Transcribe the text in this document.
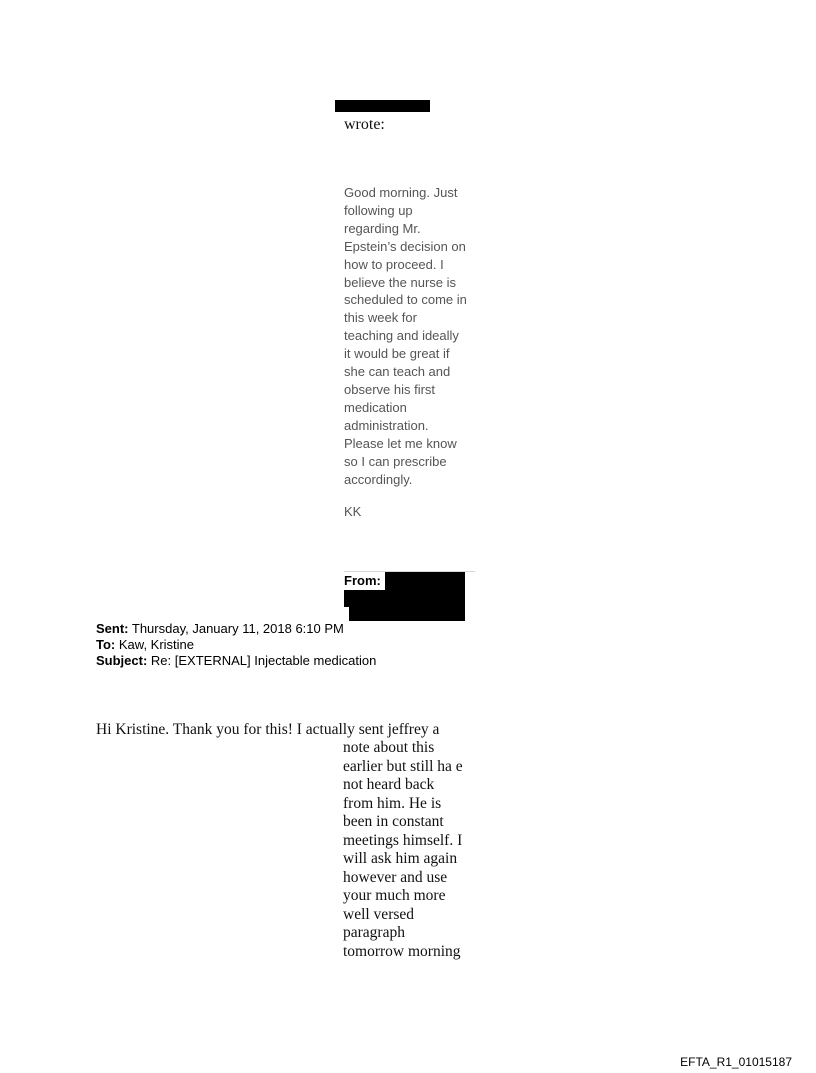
wrote:
Good morning. Just
following up
regarding Mr.
Epstein’s decision on
how to proceed. I
believe the nurse is
scheduled to come in
this week for
teaching and ideally
it would be great if
she can teach and
observe his first
medication
administration.
Please let me know
so I can prescribe
accordingly.
KK
From:
Sent: Thursday, January 11, 2018 6:10 PM
To: Kaw, Kristine
Subject: Re: [EXTERNAL] Injectable medication
Hi Kristine. Thank you for this! I actually sent jeffrey a
note about this
earlier but still ha e
not heard back
from him. He is
been in constant
meetings himself. I
will ask him again
however and use
your much more
well versed
paragraph
tomorrow morning
EFTA_R1_01015187
